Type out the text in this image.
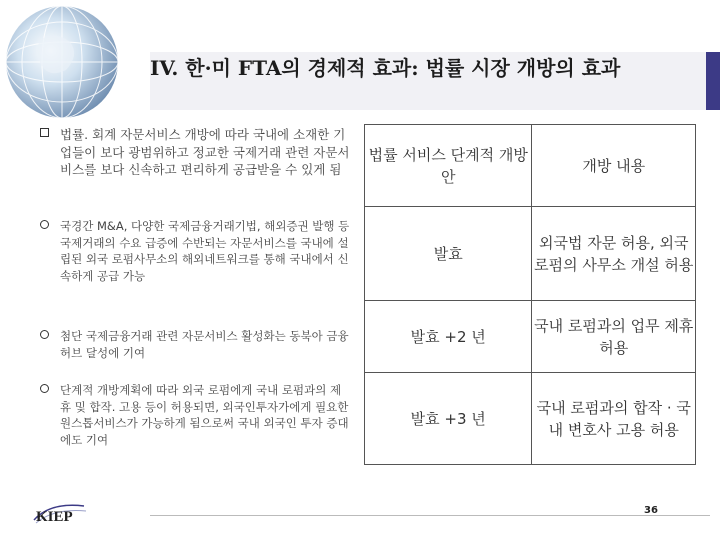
IV. 한·미 FTA의 경제적 효과: 법률 시장 개방의 효과
법률. 회계 자문서비스 개방에 따라 국내에 소재한 기업들이 보다 광범위하고 정교한 국제거래 관련 자문서비스를 보다 신속하고 편리하게 공급받을 수 있게 됨
국경간 M&A, 다양한 국제금융거래기법, 해외증권 발행 등 국제거래의 수요 급증에 수반되는 자문서비스를 국내에 설립된 외국 로펌사무소의 해외네트워크를 통해 국내에서 신속하게 공급 가능
첨단 국제금융거래 관련 자문서비스 활성화는 동북아 금융허브 달성에 기여
단계적 개방계획에 따라 외국 로펌에게 국내 로펌과의 제휴 및 합작. 고용 등이 허용되면, 외국인투자가에게 필요한 원스톱서비스가 가능하게 됨으로써 국내 외국인 투자 증대에도 기여
법률 서비스 단계적 개방안	개방 내용
발효	외국법 자문 허용, 외국 로펌의 사무소 개설 허용
발효 +2 년	국내 로펌과의 업무 제휴 허용
발효 +3 년	국내 로펌과의 합작 · 국내 변호사 고용 허용
KIEP	36
